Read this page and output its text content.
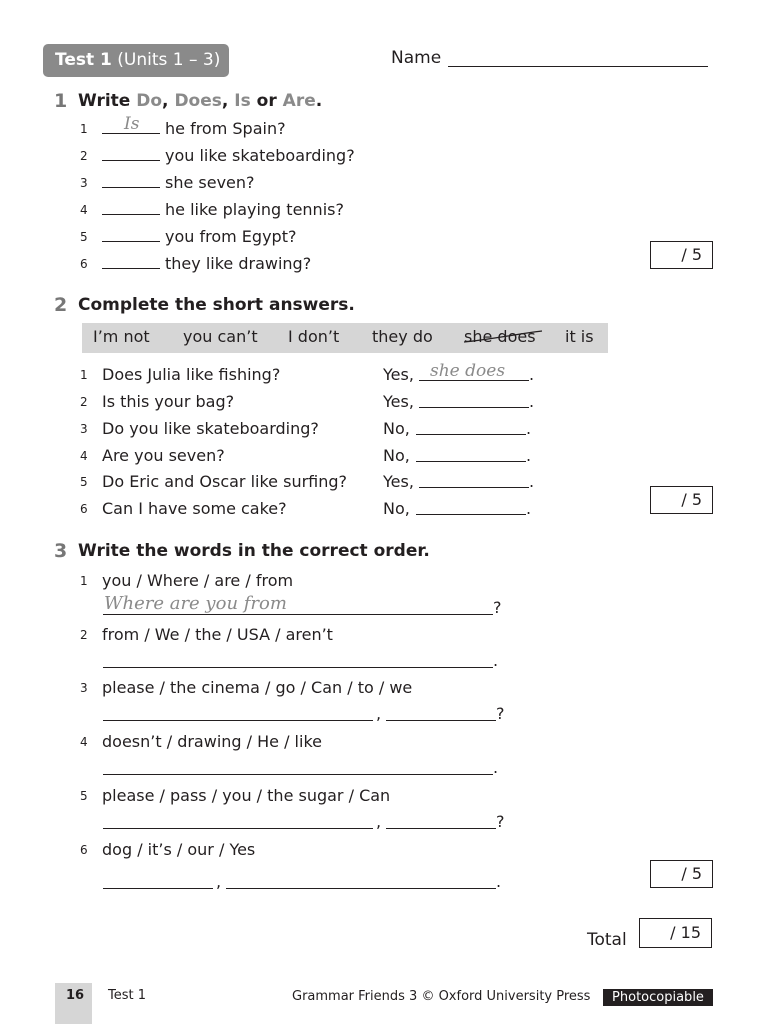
Test 1 (Units 1 – 3)	Name
1 Write Do, Does, Is or Are.
1	he from Spain?
Is
2	you like skateboarding?
3	she seven?
4	he like playing tennis?
5	you from Egypt?
6	they like drawing?	/ 5
2 Complete the short answers.
I’m not you can’t I don’t they do she does it is
1 Does Julia like fishing?	Yes,	.
she does
2 Is this your bag?	Yes,	.
3 Do you like skateboarding?	No,	.
4 Are you seven?	No,	.
5 Do Eric and Oscar like surfing? Yes,	.
6 Can I have some cake?	No,	.	/ 5
3 Write the words in the correct order.
1 you / Where / are / from
Where are you from	?
2 from / We / the / USA / aren’t
.
3 please / the cinema / go / Can / to / we
,	?
4 doesn’t / drawing / He / like
.
5 please / pass / you / the sugar / Can
,	?
6 dog / it’s / our / Yes
,	.	/ 5
Total	/ 15
16 Test 1	Grammar Friends 3 © Oxford University Press	Photocopiable
